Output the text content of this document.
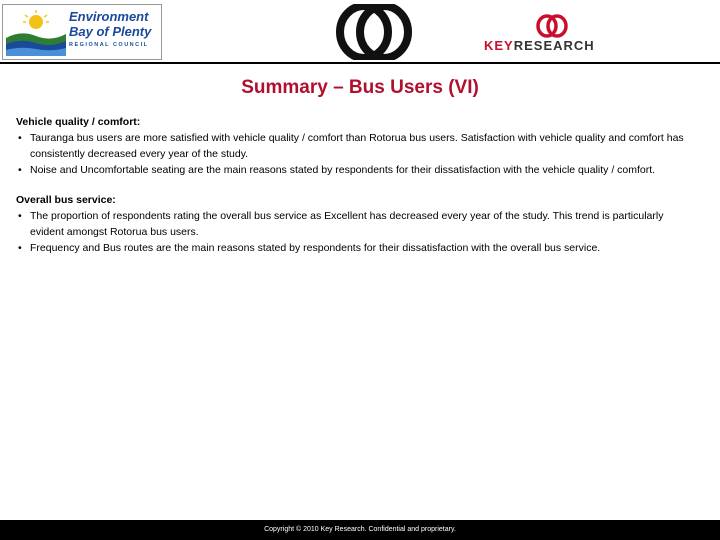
Environment
Bay of Plenty
REGIONAL COUNCIL	KEYRESEARCH
Summary – Bus Users (VI)
Vehicle quality / comfort:
• Tauranga bus users are more satisfied with vehicle quality / comfort than Rotorua bus users. Satisfaction with vehicle quality and comfort has consistently decreased every year of the study.
• Noise and Uncomfortable seating are the main reasons stated by respondents for their dissatisfaction with the vehicle quality / comfort.
Overall bus service:
• The proportion of respondents rating the overall bus service as Excellent has decreased every year of the study. This trend is particularly evident amongst Rotorua bus users.
• Frequency and Bus routes are the main reasons stated by respondents for their dissatisfaction with the overall bus service.
Copyright © 2010 Key Research. Confidential and proprietary.
